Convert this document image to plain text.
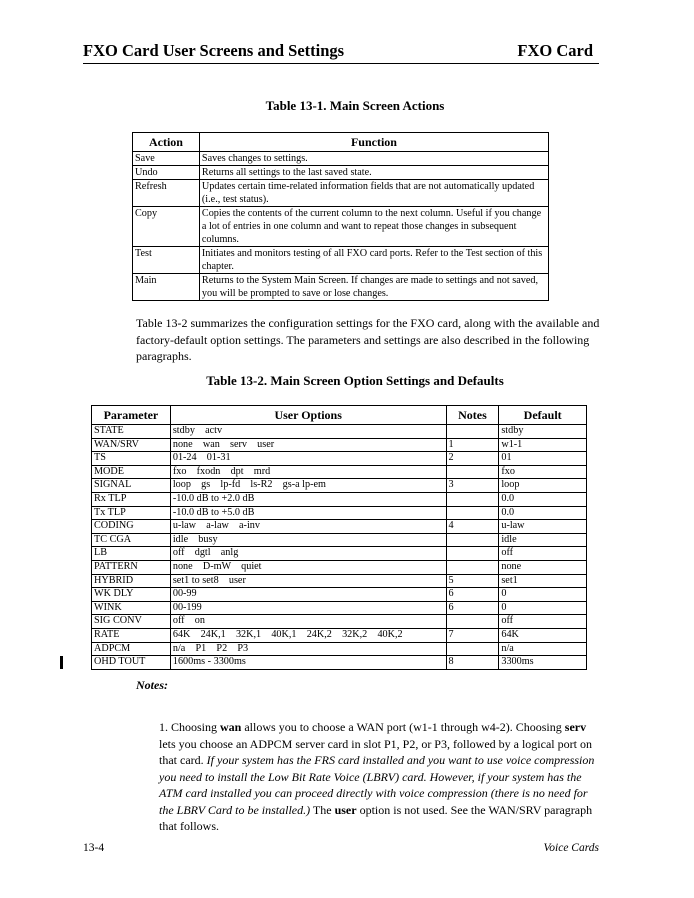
FXO Card User Screens and Settings	FXO Card
Table 13-1. Main Screen Actions
Action	Function
Save	Saves changes to settings.
Undo	Returns all settings to the last saved state.
Refresh	Updates certain time-related information fields that are not automatically updated (i.e., test status).
Copy	Copies the contents of the current column to the next column. Useful if you change a lot of entries in one column and want to repeat those changes in subsequent columns.
Test	Initiates and monitors testing of all FXO card ports. Refer to the Test section of this chapter.
Main	Returns to the System Main Screen. If changes are made to settings and not saved, you will be prompted to save or lose changes.
Table 13-2 summarizes the configuration settings for the FXO card, along with the available and factory-default option settings. The parameters and settings are also described in the following paragraphs.
Table 13-2. Main Screen Option Settings and Defaults
Parameter	User Options	Notes	Default
STATE	stdby    actv		stdby
WAN/SRV	none    wan    serv    user	1	w1-1
TS	01-24    01-31	2	01
MODE	fxo    fxodn    dpt    mrd		fxo
SIGNAL	loop    gs    lp-fd    ls-R2    gs-a lp-em	3	loop
Rx TLP	-10.0 dB to +2.0 dB		0.0
Tx TLP	-10.0 dB to +5.0 dB		0.0
CODING	u-law    a-law    a-inv	4	u-law
TC CGA	idle    busy		idle
LB	off    dgtl    anlg		off
PATTERN	none    D-mW    quiet		none
HYBRID	set1 to set8    user	5	set1
WK DLY	00-99	6	0
WINK	00-199	6	0
SIG CONV	off    on		off
RATE	64K    24K,1    32K,1    40K,1    24K,2    32K,2    40K,2	7	64K
ADPCM	n/a    P1    P2    P3		n/a
OHD TOUT	1600ms - 3300ms	8	3300ms
Notes:
1. Choosing wan allows you to choose a WAN port (w1-1 through w4-2). Choosing serv lets you choose an ADPCM server card in slot P1, P2, or P3, followed by a logical port on that card. If your system has the FRS card installed and you want to use voice compression you need to install the Low Bit Rate Voice (LBRV) card. However, if your system has the ATM card installed you can proceed directly with voice compression (there is no need for the LBRV Card to be installed.) The user option is not used. See the WAN/SRV paragraph that follows.
13-4	Voice Cards
